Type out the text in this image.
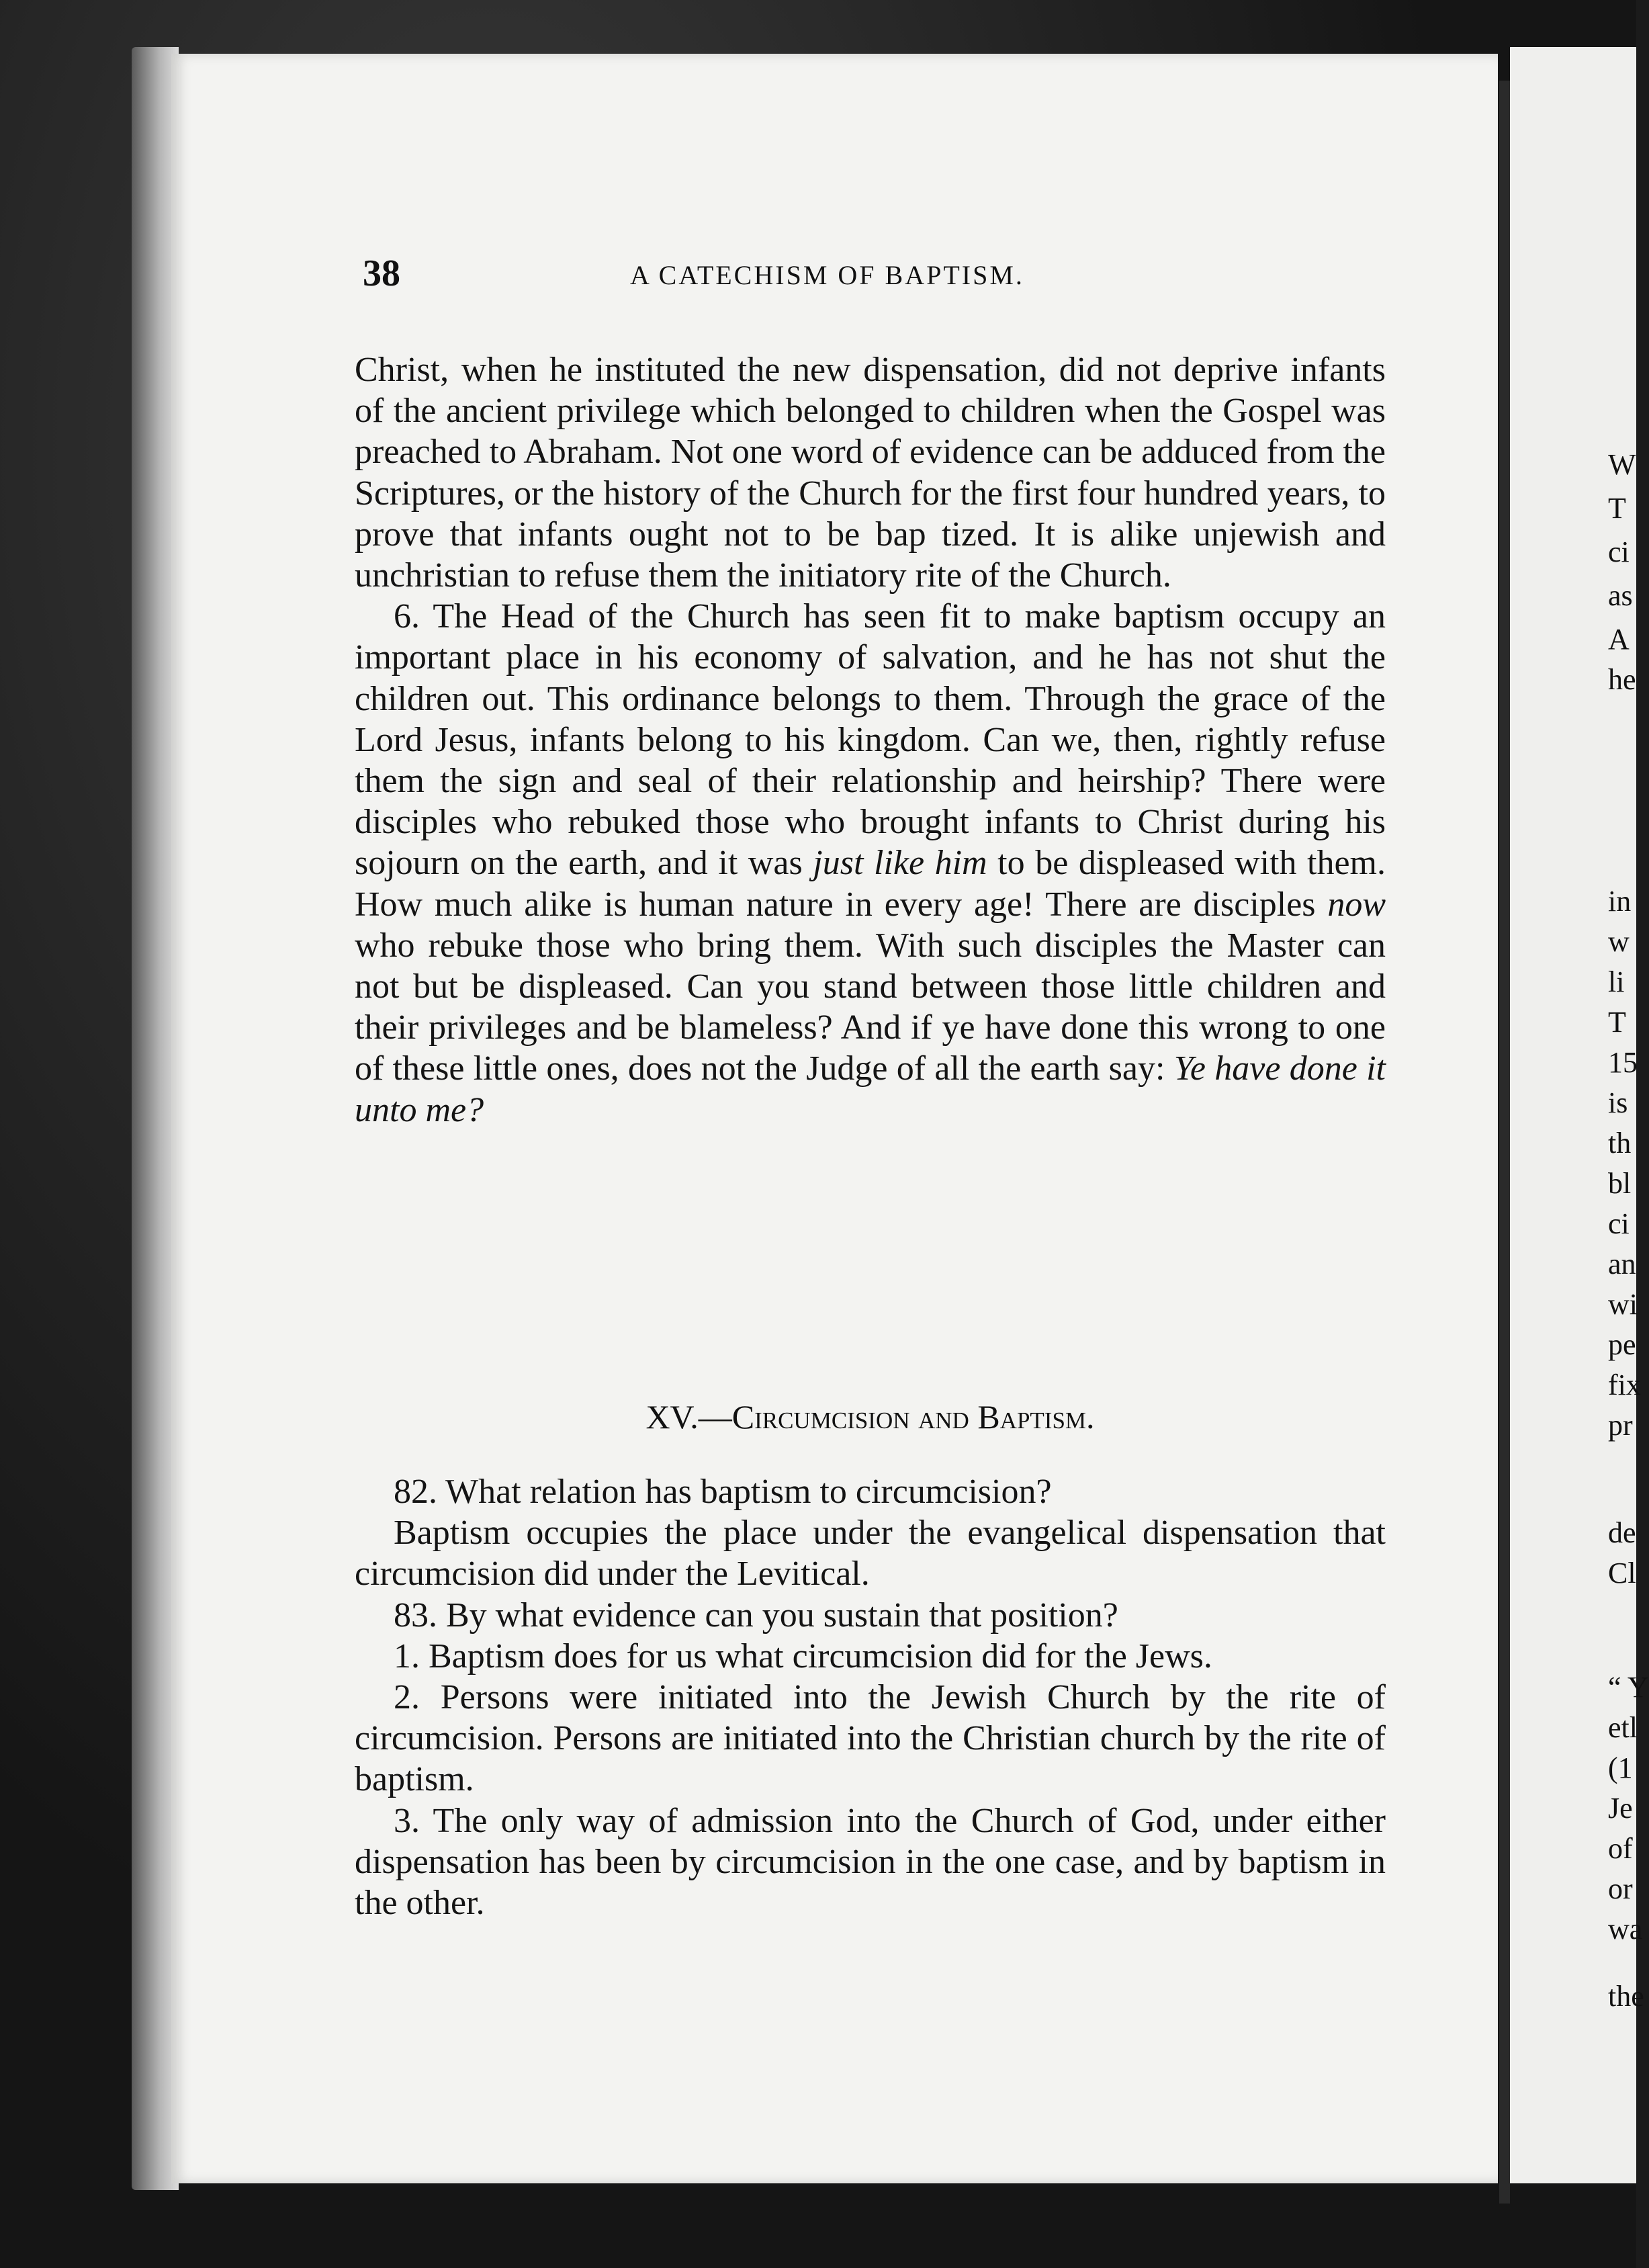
W
T
ci
as
A
he
in
w
li
T
15
is
th
bl
ci
an
wi
pe
fix
pr
de
Cl
“ Y
etl
(1
Je
of
or
wa
the
38	A CATECHISM OF BAPTISM.

Christ, when he instituted the new dispensation, did not deprive infants of the ancient privilege which belonged to children when the Gospel was preached to Abraham. Not one word of evidence can be adduced from the Scriptures, or the history of the Church for the first four hundred years, to prove that infants ought not to be bap tized. It is alike unjewish and unchristian to refuse them the initiatory rite of the Church.

6. The Head of the Church has seen fit to make baptism occupy an important place in his economy of salvation, and he has not shut the children out. This ordinance belongs to them. Through the grace of the Lord Jesus, infants belong to his kingdom. Can we, then, rightly refuse them the sign and seal of their relationship and heirship? There were disciples who rebuked those who brought infants to Christ during his sojourn on the earth, and it was just like him to be displeased with them. How much alike is human nature in every age! There are disciples now who rebuke those who bring them. With such disciples the Master can not but be displeased. Can you stand between those little children and their privileges and be blameless? And if ye have done this wrong to one of these little ones, does not the Judge of all the earth say: Ye have done it unto me?

XV.—Circumcision and Baptism.

82. What relation has baptism to circumcision?

Baptism occupies the place under the evangelical dispensation that circumcision did under the Levitical.

83. By what evidence can you sustain that position?

1. Baptism does for us what circumcision did for the Jews.

2. Persons were initiated into the Jewish Church by the rite of circumcision. Persons are initiated into the Christian church by the rite of baptism.

3. The only way of admission into the Church of God, under either dispensation has been by circumcision in the one case, and by baptism in the other.
